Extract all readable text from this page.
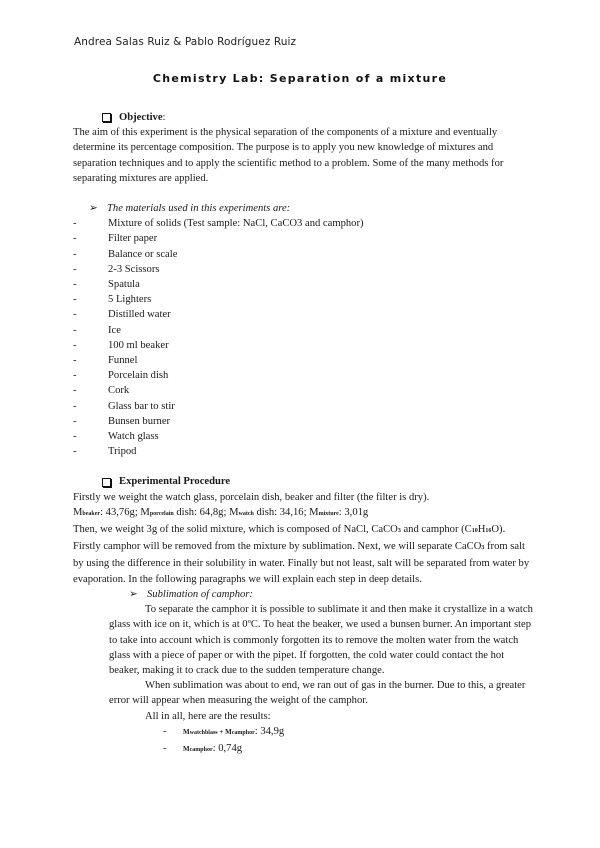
Andrea Salas Ruiz & Pablo Rodríguez Ruiz
Chemistry Lab: Separation of a mixture
Objective :

The aim of this experiment is the physical separation of the components of a mixture and eventually determine its percentage composition. The purpose is to apply you new knowledge of mixtures and separation techniques and to apply the scientific method to a problem. Some of the many methods for separating mixtures are applied.

➢ The materials used in this experiments are:
-	Mixture of solids (Test sample: NaCl, CaCO3 and camphor)
-	Filter paper
-	Balance or scale
-	2-3 Scissors
-	Spatula
-	5 Lighters
-	Distilled water
-	Ice
-	100 ml beaker
-	Funnel
-	Porcelain dish
-	Cork
-	Glass bar to stir
-	Bunsen burner
-	Watch glass
-	Tripod
Experimental Procedure

Firstly we weight the watch glass, porcelain dish, beaker and filter (the filter is dry).

Mbeaker: 43,76g; Mporcelain dish: 64,8g; Mwatch dish: 34,16; Mmixture: 3,01g

Then, we weight 3g of the solid mixture, which is composed of NaCl, CaCO3 and camphor (C10H16O). Firstly camphor will be removed from the mixture by sublimation. Next, we will separate CaCO3 from salt by using the difference in their solubility in water. Finally but not least, salt will be separated from water by evaporation. In the following paragraphs we will explain each step in deep details.

➢ Sublimation of camphor:

To separate the camphor it is possible to sublimate it and then make it crystallize in a watch glass with ice on it, which is at 0ºC. To heat the beaker, we used a bunsen burner. An important step to take into account which is commonly forgotten its to remove the molten water from the watch glass with a piece of paper or with the pipet. If forgotten, the cold water could contact the hot beaker, making it to crack due to the sudden temperature change.

When sublimation was about to end, we ran out of gas in the burner. Due to this, a greater error will appear when measuring the weight of the camphor.

All in all, here are the results:

-	Mwatchblass + Mcamphor: 34,9g
-	Mcamphor: 0,74g
